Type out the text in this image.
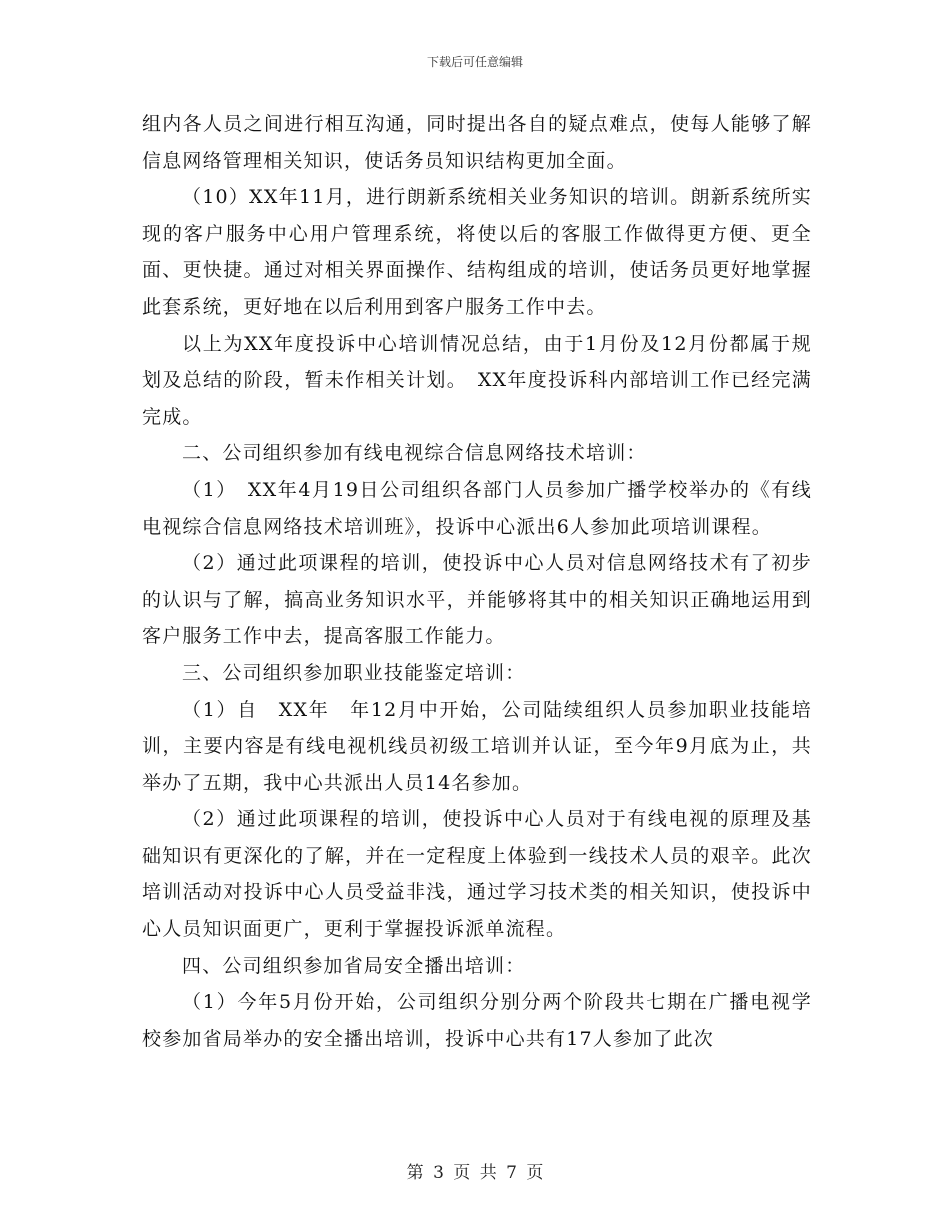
下载后可任意编辑

组内各人员之间进行相互沟通，同时提出各自的疑点难点，使每人能够了解信息网络管理相关知识，使话务员知识结构更加全面。

（10）XX年11月，进行朗新系统相关业务知识的培训。朗新系统所实现的客户服务中心用户管理系统，将使以后的客服工作做得更方便、更全面、更快捷。通过对相关界面操作、结构组成的培训，使话务员更好地掌握此套系统，更好地在以后利用到客户服务工作中去。

以上为XX年度投诉中心培训情况总结，由于1月份及12月份都属于规划及总结的阶段，暂未作相关计划。　XX年度投诉科内部培训工作已经完满完成。

二、公司组织参加有线电视综合信息网络技术培训：

（1）　XX年4月19日公司组织各部门人员参加广播学校举办的《有线电视综合信息网络技术培训班》，投诉中心派出6人参加此项培训课程。

（2）通过此项课程的培训，使投诉中心人员对信息网络技术有了初步的认识与了解，搞高业务知识水平，并能够将其中的相关知识正确地运用到客户服务工作中去，提高客服工作能力。

三、公司组织参加职业技能鉴定培训：

（1）自　XX年　年12月中开始，公司陆续组织人员参加职业技能培训，主要内容是有线电视机线员初级工培训并认证，至今年9月底为止，共举办了五期，我中心共派出人员14名参加。

（2）通过此项课程的培训，使投诉中心人员对于有线电视的原理及基础知识有更深化的了解，并在一定程度上体验到一线技术人员的艰辛。此次培训活动对投诉中心人员受益非浅，通过学习技术类的相关知识，使投诉中心人员知识面更广，更利于掌握投诉派单流程。

四、公司组织参加省局安全播出培训：

（1）今年5月份开始，公司组织分别分两个阶段共七期在广播电视学校参加省局举办的安全播出培训，投诉中心共有17人参加了此次

第 3 页 共 7 页
